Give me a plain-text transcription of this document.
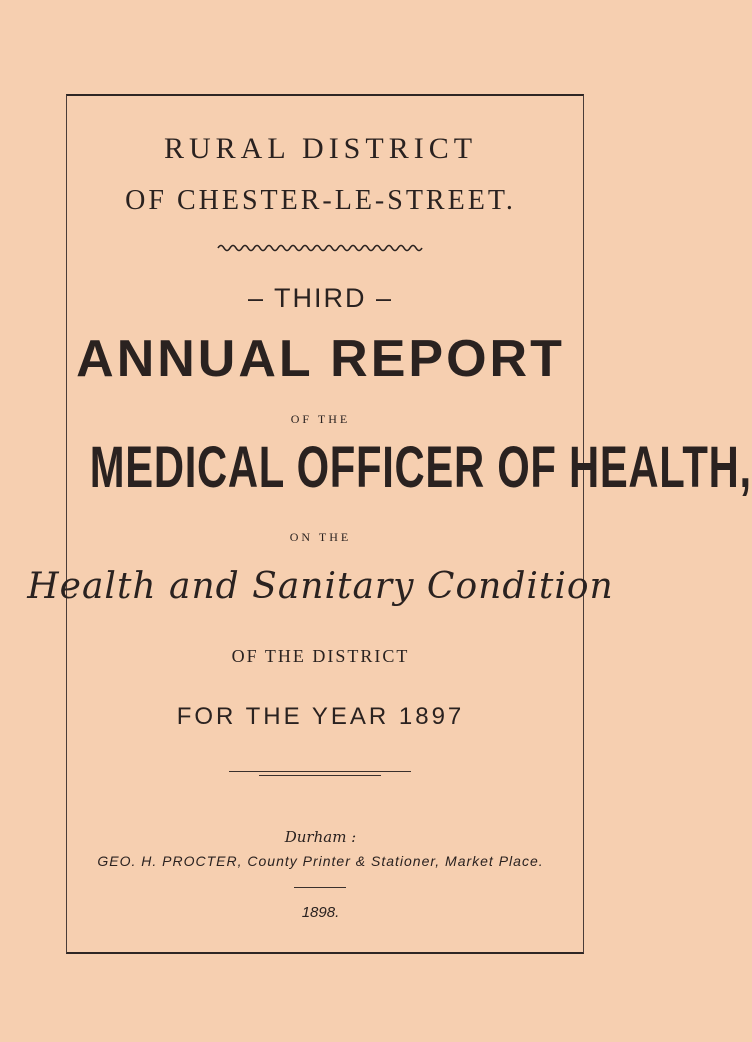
RURAL DISTRICT
OF CHESTER-LE-STREET.
– THIRD –
ANNUAL REPORT
OF THE
MEDICAL OFFICER OF HEALTH,
ON THE
Health and Sanitary Condition
OF THE DISTRICT
FOR THE YEAR 1897
Durham :
GEO. H. PROCTER, County Printer & Stationer, Market Place.
1898.
